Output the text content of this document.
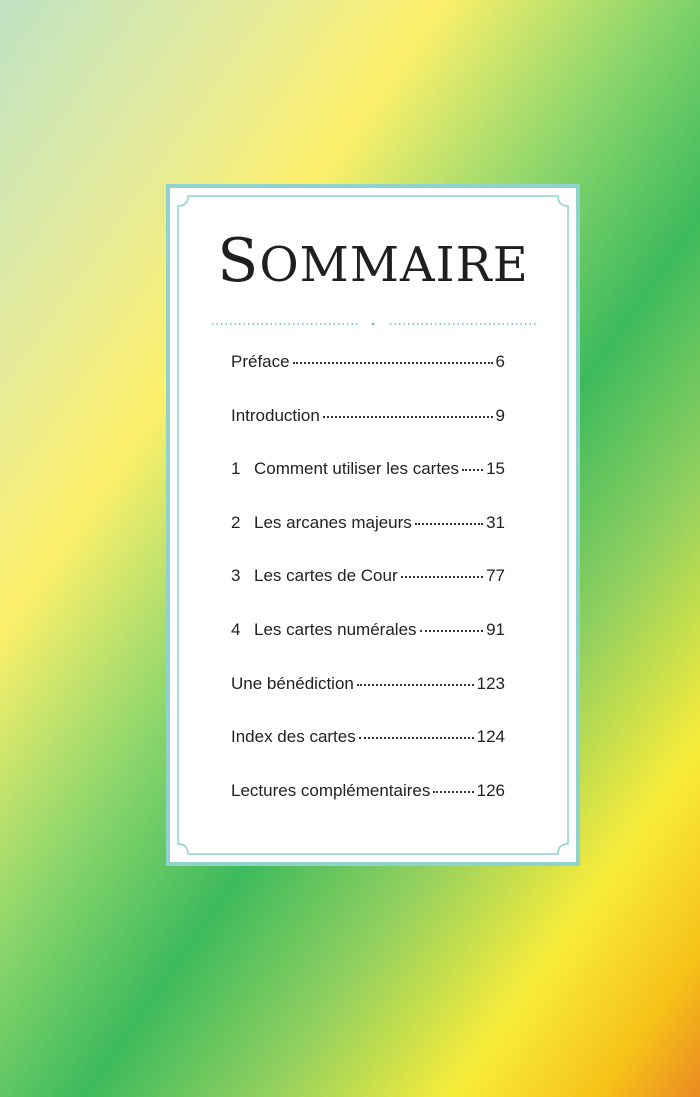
SOMMAIRE
Préface	6
Introduction	9
1 Comment utiliser les cartes 15
2 Les arcanes majeurs	31
3 Les cartes de Cour	77
4 Les cartes numérales	91
Une bénédiction	123
Index des cartes	124
Lectures complémentaires	126
